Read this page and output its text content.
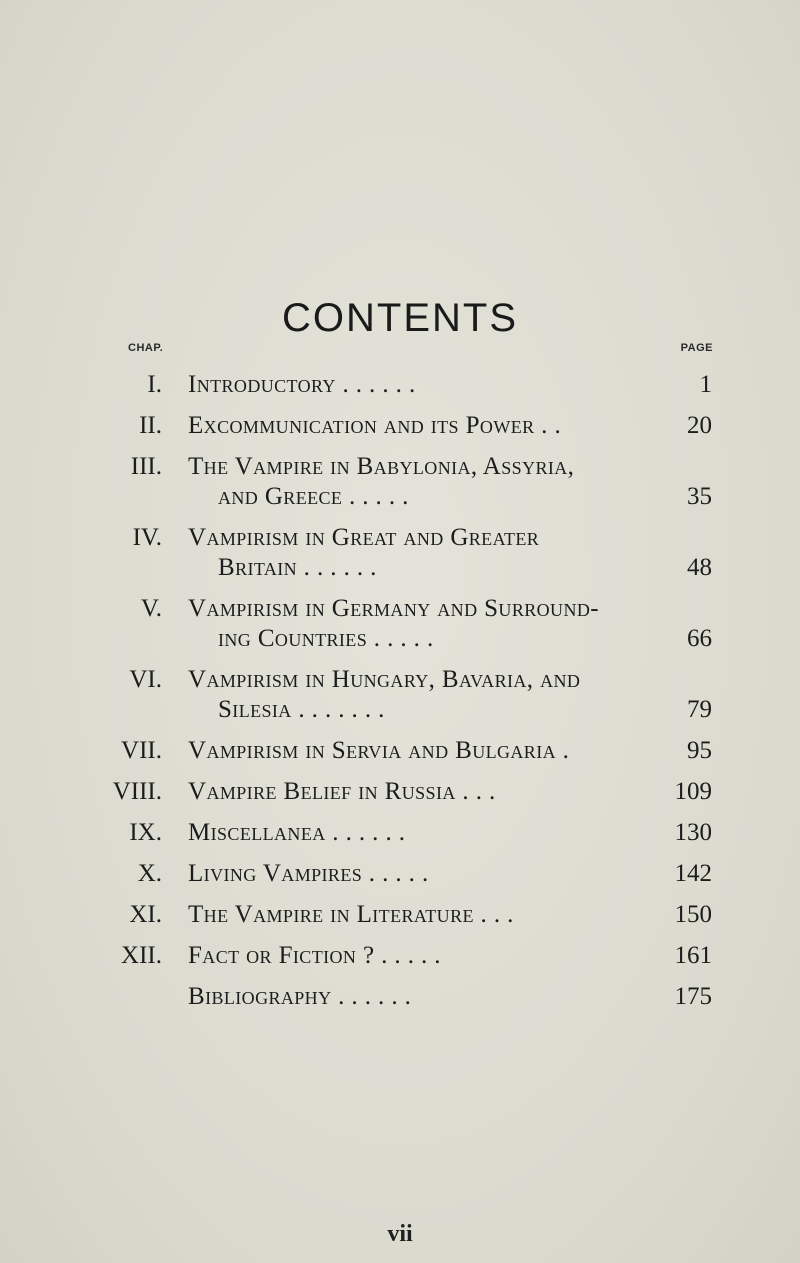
CONTENTS
CHAP.	PAGE
I. Introductory . . . . . .	1
II. Excommunication and its Power . .	20
III. The Vampire in Babylonia, Assyria,
and Greece . . . . .	35
IV. Vampirism in Great and Greater
Britain . . . . . .	48
V. Vampirism in Germany and Surround-
ing Countries . . . . .	66
VI. Vampirism in Hungary, Bavaria, and
Silesia . . . . . . .	79
VII. Vampirism in Servia and Bulgaria .	95
VIII. Vampire Belief in Russia . . .	109
IX. Miscellanea . . . . . .	130
X. Living Vampires . . . . .	142
XI. The Vampire in Literature . . .	150
XII. Fact or Fiction ? . . . . .	161
Bibliography . . . . . .	175
vii
